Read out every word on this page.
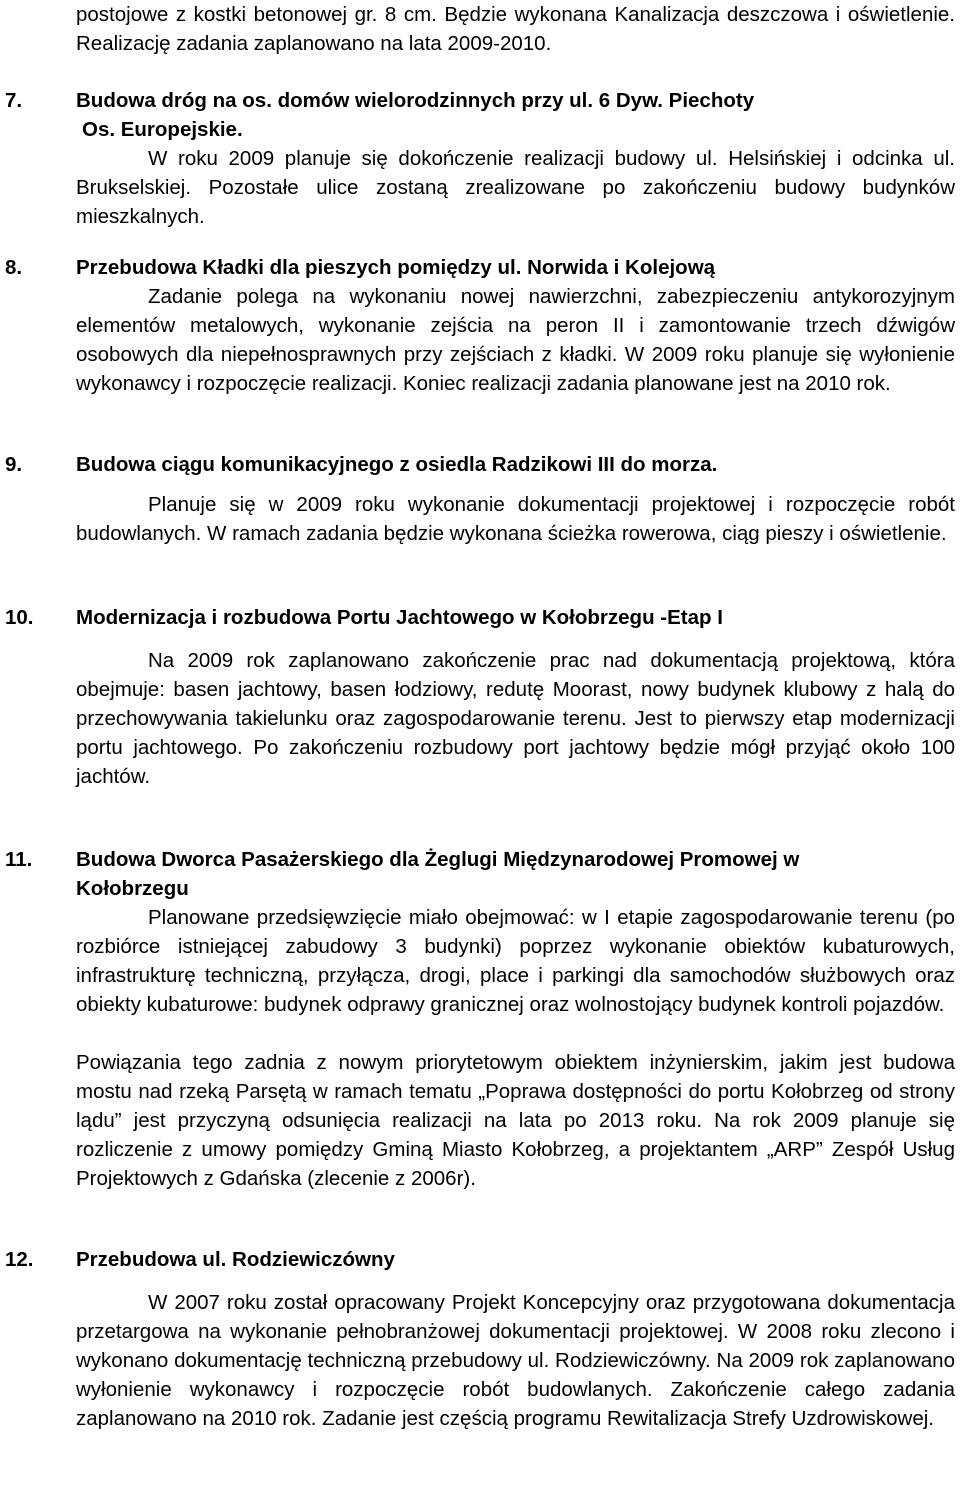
postojowe z kostki betonowej gr. 8 cm. Będzie wykonana Kanalizacja deszczowa i oświetlenie. Realizację zadania zaplanowano na lata 2009-2010.

7.	Budowa dróg na os. domów wielorodzinnych przy ul. 6 Dyw. Piechoty
Os. Europejskie.

W roku 2009 planuje się dokończenie realizacji budowy ul. Helsińskiej i odcinka ul. Brukselskiej. Pozostałe ulice zostaną zrealizowane po zakończeniu budowy budynków mieszkalnych.

8.	Przebudowa Kładki dla pieszych pomiędzy ul. Norwida i Kolejową

Zadanie polega na wykonaniu nowej nawierzchni, zabezpieczeniu antykorozyjnym elementów metalowych, wykonanie zejścia na peron II i zamontowanie trzech dźwigów osobowych dla niepełnosprawnych przy zejściach z kładki. W 2009 roku planuje się wyłonienie wykonawcy i rozpoczęcie realizacji. Koniec realizacji zadania planowane jest na 2010 rok.

9.	Budowa ciągu komunikacyjnego z osiedla Radzikowi III do morza.

Planuje się w 2009 roku wykonanie dokumentacji projektowej i rozpoczęcie robót budowlanych. W ramach zadania będzie wykonana ścieżka rowerowa, ciąg pieszy i oświetlenie.

10. Modernizacja i rozbudowa Portu Jachtowego w Kołobrzegu -Etap I

Na 2009 rok zaplanowano zakończenie prac nad dokumentacją projektową, która obejmuje: basen jachtowy, basen łodziowy, redutę Moorast, nowy budynek klubowy z halą do przechowywania takielunku oraz zagospodarowanie terenu. Jest to pierwszy etap modernizacji portu jachtowego. Po zakończeniu rozbudowy port jachtowy będzie mógł przyjąć około 100 jachtów.

11. Budowa Dworca Pasażerskiego dla Żeglugi Międzynarodowej Promowej w
Kołobrzegu

Planowane przedsięwzięcie miało obejmować: w I etapie zagospodarowanie terenu (po rozbiórce istniejącej zabudowy 3 budynki) poprzez wykonanie obiektów kubaturowych, infrastrukturę techniczną, przyłącza, drogi, place i parkingi dla samochodów służbowych oraz obiekty kubaturowe: budynek odprawy granicznej oraz wolnostojący budynek kontroli pojazdów.

Powiązania tego zadnia z nowym priorytetowym obiektem inżynierskim, jakim jest budowa mostu nad rzeką Parsętą w ramach tematu „Poprawa dostępności do portu Kołobrzeg od strony lądu” jest przyczyną odsunięcia realizacji na lata po 2013 roku. Na rok 2009 planuje się rozliczenie z umowy pomiędzy Gminą Miasto Kołobrzeg, a projektantem „ARP” Zespół Usług Projektowych z Gdańska (zlecenie z 2006r).

12. Przebudowa ul. Rodziewiczówny

W 2007 roku został opracowany Projekt Koncepcyjny oraz przygotowana dokumentacja przetargowa na wykonanie pełnobranżowej dokumentacji projektowej. W 2008 roku zlecono i wykonano dokumentację techniczną przebudowy ul. Rodziewiczówny. Na 2009 rok zaplanowano wyłonienie wykonawcy i rozpoczęcie robót budowlanych. Zakończenie całego zadania zaplanowano na 2010 rok. Zadanie jest częścią programu Rewitalizacja Strefy Uzdrowiskowej.
